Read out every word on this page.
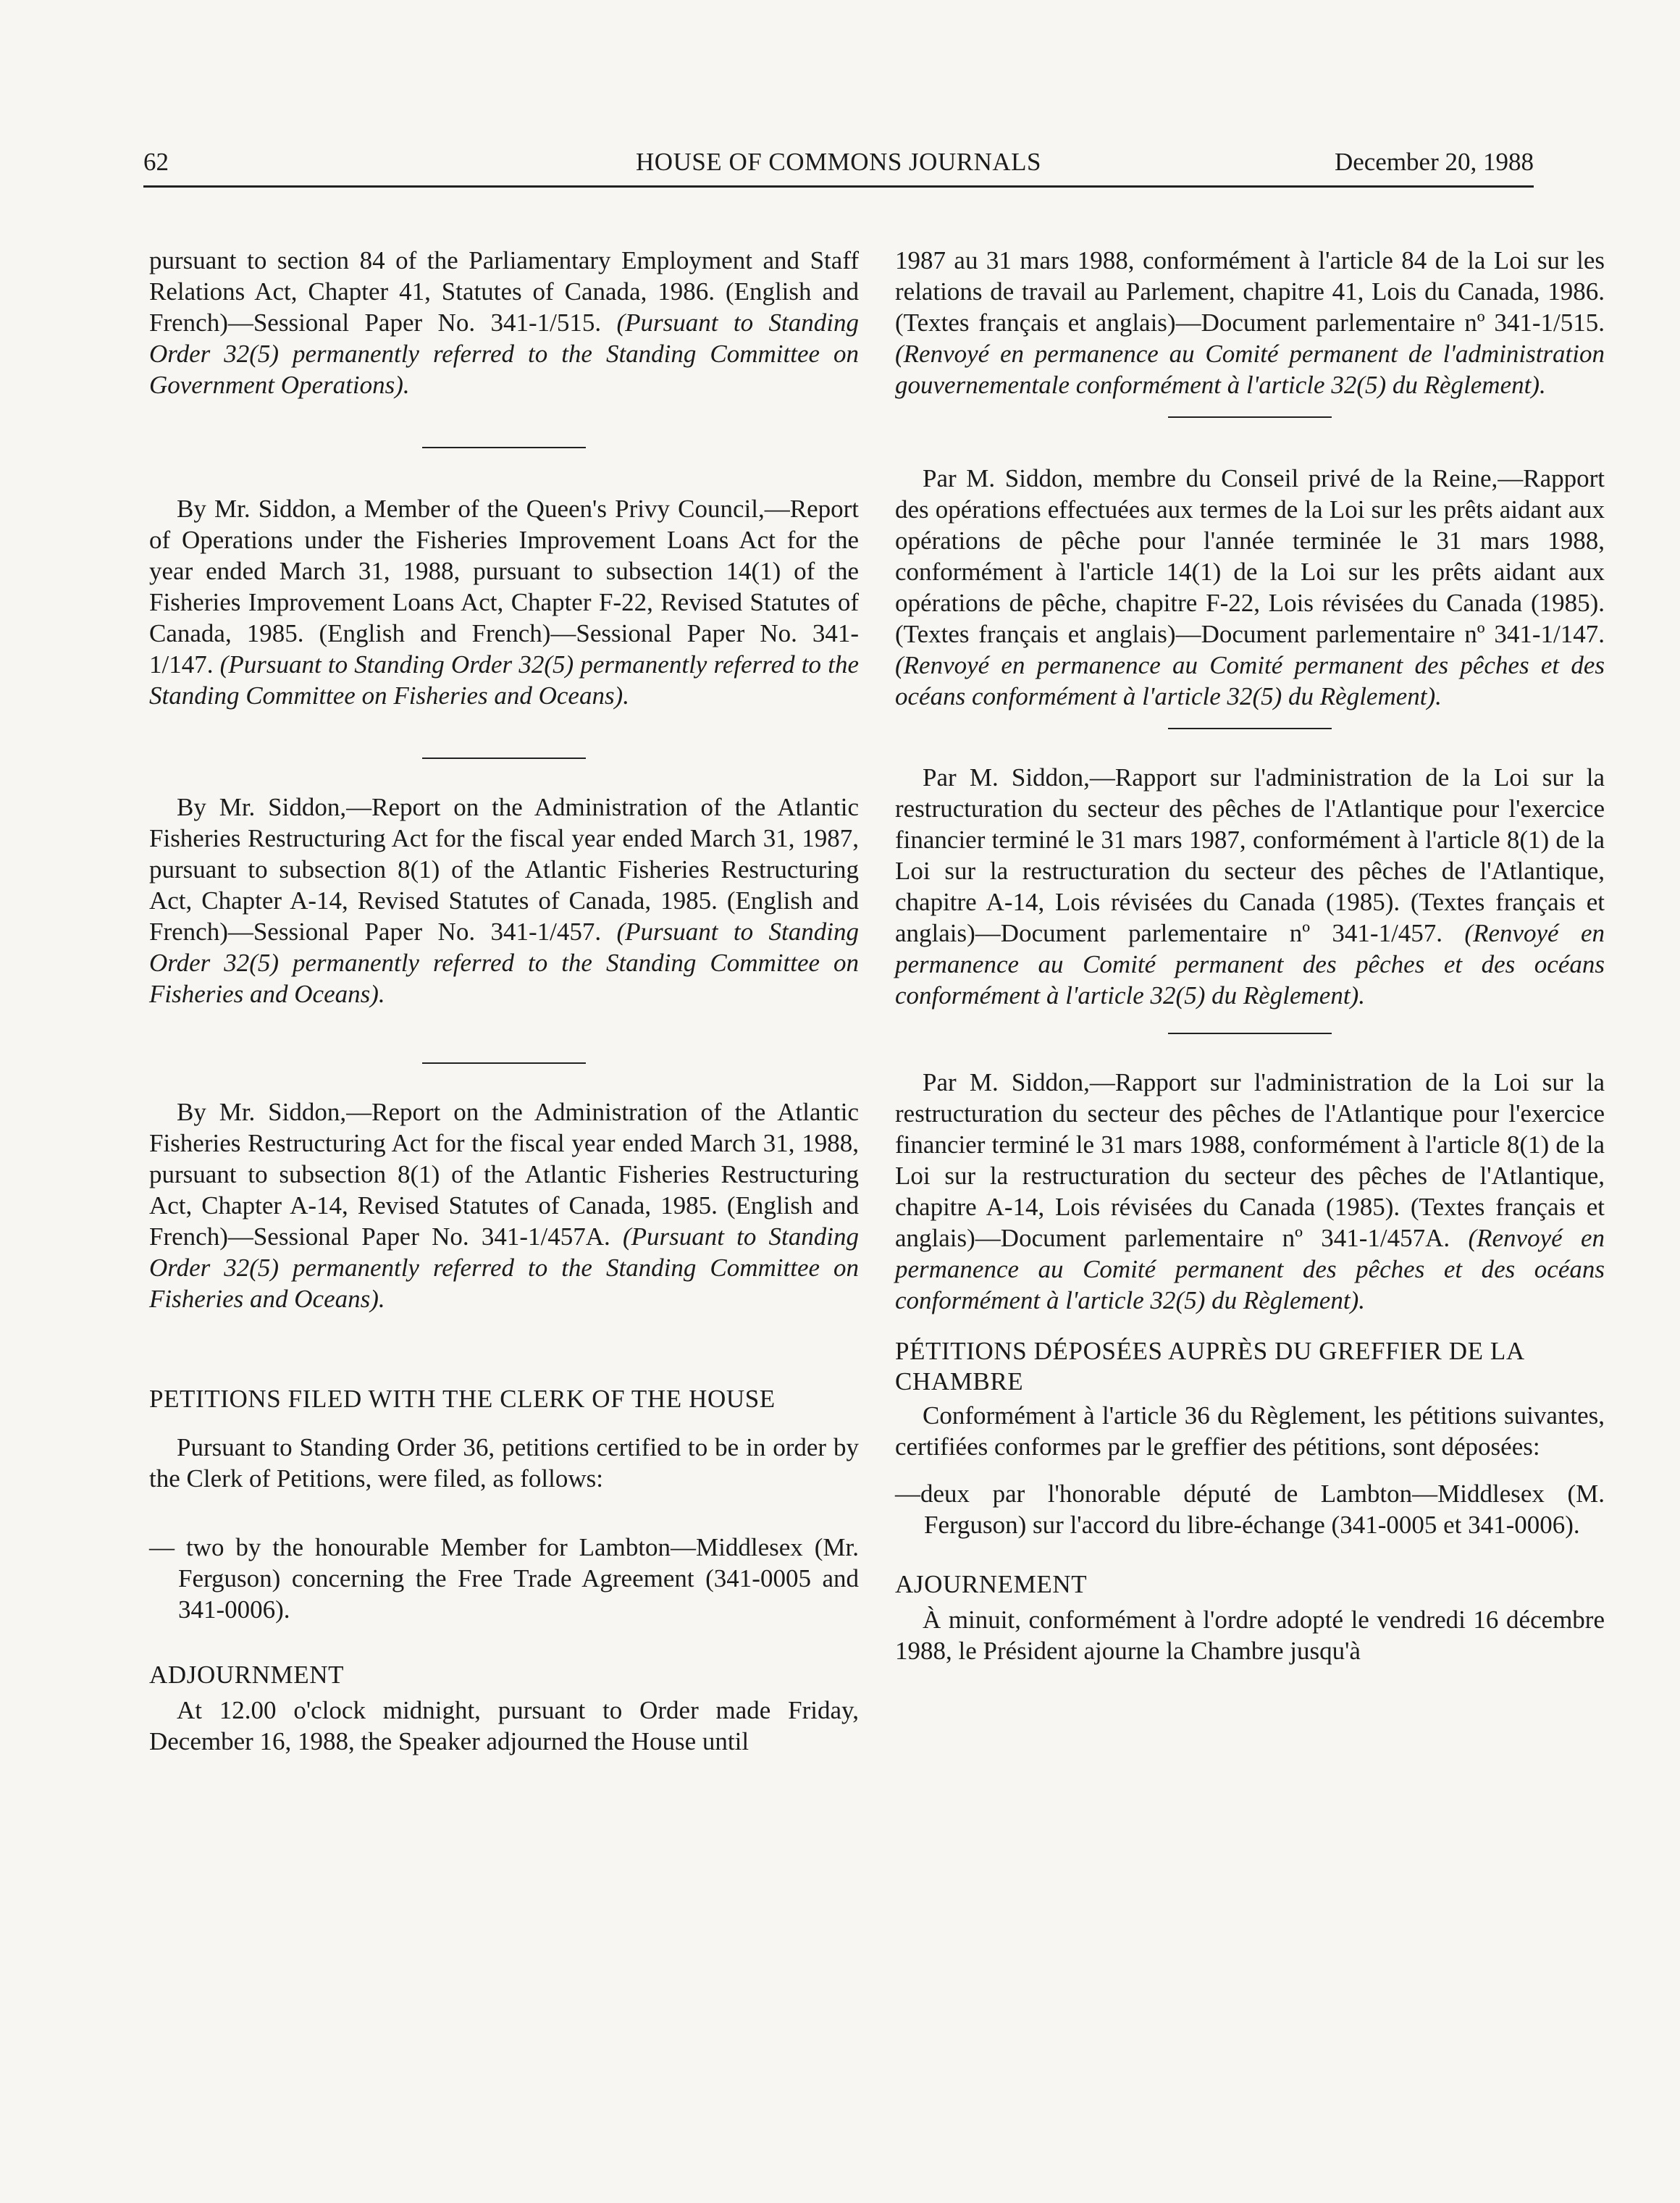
62	HOUSE OF COMMONS JOURNALS	December 20, 1988

pursuant to section 84 of the Parliamentary Employment and Staff Relations Act, Chapter 41, Statutes of Canada, 1986. (English and French)—Sessional Paper No. 341-1/515. (Pursuant to Standing Order 32(5) permanently referred to the Standing Committee on Government Operations).

By Mr. Siddon, a Member of the Queen's Privy Council,—Report of Operations under the Fisheries Improvement Loans Act for the year ended March 31, 1988, pursuant to subsection 14(1) of the Fisheries Improvement Loans Act, Chapter F-22, Revised Statutes of Canada, 1985. (English and French)—Sessional Paper No. 341-1/147. (Pursuant to Standing Order 32(5) permanently referred to the Standing Committee on Fisheries and Oceans).

By Mr. Siddon,—Report on the Administration of the Atlantic Fisheries Restructuring Act for the fiscal year ended March 31, 1987, pursuant to subsection 8(1) of the Atlantic Fisheries Restructuring Act, Chapter A-14, Revised Statutes of Canada, 1985. (English and French)—Sessional Paper No. 341-1/457. (Pursuant to Standing Order 32(5) permanently referred to the Standing Committee on Fisheries and Oceans).

By Mr. Siddon,—Report on the Administration of the Atlantic Fisheries Restructuring Act for the fiscal year ended March 31, 1988, pursuant to subsection 8(1) of the Atlantic Fisheries Restructuring Act, Chapter A-14, Revised Statutes of Canada, 1985. (English and French)—Sessional Paper No. 341-1/457A. (Pursuant to Standing Order 32(5) permanently referred to the Standing Committee on Fisheries and Oceans).

PETITIONS FILED WITH THE CLERK OF THE HOUSE

Pursuant to Standing Order 36, petitions certified to be in order by the Clerk of Petitions, were filed, as follows:

— two by the honourable Member for Lambton—Middlesex (Mr. Ferguson) concerning the Free Trade Agreement (341-0005 and 341-0006).

ADJOURNMENT

At 12.00 o'clock midnight, pursuant to Order made Friday, December 16, 1988, the Speaker adjourned the House until

1987 au 31 mars 1988, conformément à l'article 84 de la Loi sur les relations de travail au Parlement, chapitre 41, Lois du Canada, 1986. (Textes français et anglais)—Document parlementaire nº 341-1/515. (Renvoyé en permanence au Comité permanent de l'administration gouvernementale conformément à l'article 32(5) du Règlement).

Par M. Siddon, membre du Conseil privé de la Reine,—Rapport des opérations effectuées aux termes de la Loi sur les prêts aidant aux opérations de pêche pour l'année terminée le 31 mars 1988, conformément à l'article 14(1) de la Loi sur les prêts aidant aux opérations de pêche, chapitre F-22, Lois révisées du Canada (1985). (Textes français et anglais)—Document parlementaire nº 341-1/147. (Renvoyé en permanence au Comité permanent des pêches et des océans conformément à l'article 32(5) du Règlement).

Par M. Siddon,—Rapport sur l'administration de la Loi sur la restructuration du secteur des pêches de l'Atlantique pour l'exercice financier terminé le 31 mars 1987, conformément à l'article 8(1) de la Loi sur la restructuration du secteur des pêches de l'Atlantique, chapitre A-14, Lois révisées du Canada (1985). (Textes français et anglais)—Document parlementaire nº 341-1/457. (Renvoyé en permanence au Comité permanent des pêches et des océans conformément à l'article 32(5) du Règlement).

Par M. Siddon,—Rapport sur l'administration de la Loi sur la restructuration du secteur des pêches de l'Atlantique pour l'exercice financier terminé le 31 mars 1988, conformément à l'article 8(1) de la Loi sur la restructuration du secteur des pêches de l'Atlantique, chapitre A-14, Lois révisées du Canada (1985). (Textes français et anglais)—Document parlementaire nº 341-1/457A. (Renvoyé en permanence au Comité permanent des pêches et des océans conformément à l'article 32(5) du Règlement).

PÉTITIONS DÉPOSÉES AUPRÈS DU GREFFIER DE LA CHAMBRE

Conformément à l'article 36 du Règlement, les pétitions suivantes, certifiées conformes par le greffier des pétitions, sont déposées:

—deux par l'honorable député de Lambton—Middlesex (M. Ferguson) sur l'accord du libre-échange (341-0005 et 341-0006).

AJOURNEMENT

À minuit, conformément à l'ordre adopté le vendredi 16 décembre 1988, le Président ajourne la Chambre jusqu'à
